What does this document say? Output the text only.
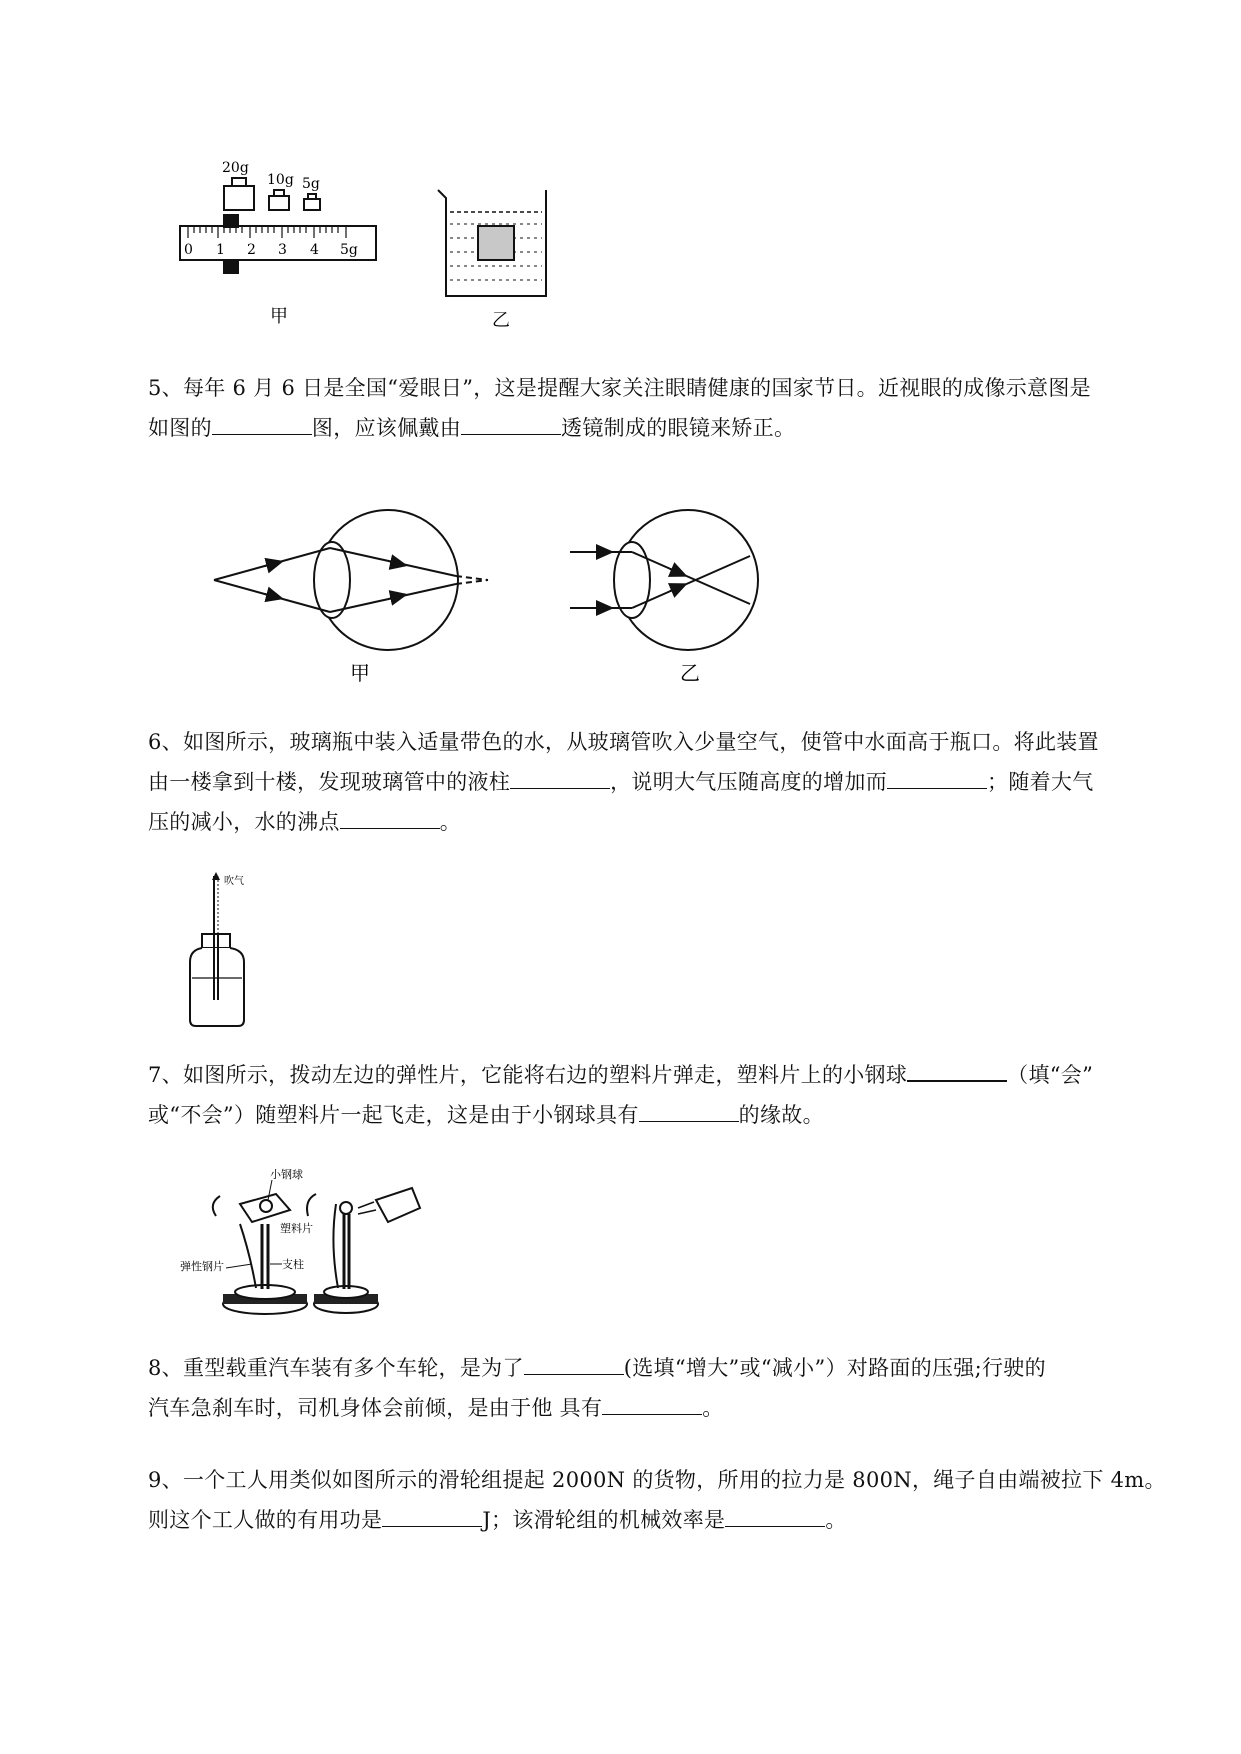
20g
10g 5g
0 1 2 3 4 5g
甲	乙

5、每年 6 月 6 日是全国“爱眼日”，这是提醒大家关注眼睛健康的国家节日。近视眼的成像示意图是

如图的	图，应该佩戴由	透镜制成的眼镜来矫正。

甲	乙

6、如图所示，玻璃瓶中装入适量带色的水，从玻璃管吹入少量空气，使管中水面高于瓶口。将此装置

由一楼拿到十楼，发现玻璃管中的液柱	，说明大气压随高度的增加而	；随着大气

压的减小，水的沸点	。

吹气

7、如图所示，拨动左边的弹性片，它能将右边的塑料片弹走，塑料片上的小钢球	（填“会”

或“不会”）随塑料片一起飞走，这是由于小钢球具有	的缘故。

小钢球
塑料片
弹性钢片	支柱

8、重型载重汽车装有多个车轮，是为了	(选填“增大”或“减小”）对路面的压强;行驶的

汽车急刹车时，司机身体会前倾，是由于他 具有	。

9、一个工人用类似如图所示的滑轮组提起 2000N 的货物，所用的拉力是 800N，绳子自由端被拉下 4m。

则这个工人做的有用功是	J；该滑轮组的机械效率是	。
